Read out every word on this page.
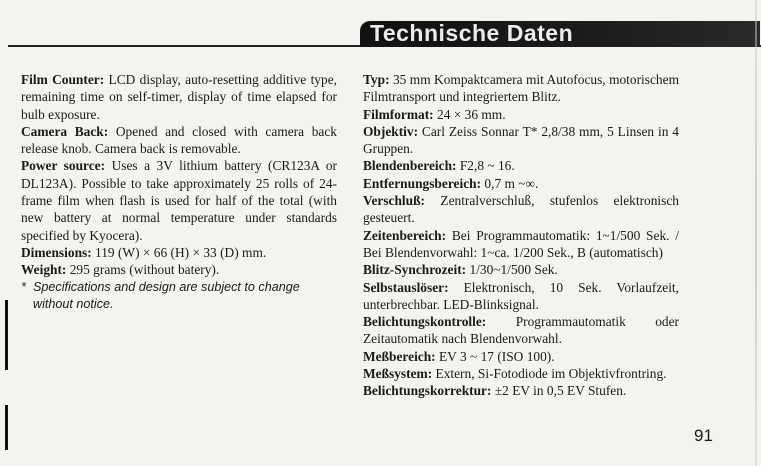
Technische Daten

Film Counter: LCD display, auto-resetting additive type, remaining time on self-timer, display of time elapsed for bulb exposure.

Camera Back: Opened and closed with camera back release knob. Camera back is removable.

Power source: Uses a 3V lithium battery (CR123A or DL123A). Possible to take approximately 25 rolls of 24-frame film when flash is used for half of the total (with new battery at normal temperature under standards specified by Kyocera).

Dimensions: 119 (W) × 66 (H) × 33 (D) mm.

Weight: 295 grams (without batery).

* Specifications and design are subject to change without notice.

Typ: 35 mm Kompaktcamera mit Autofocus, motorischem Filmtransport und integriertem Blitz.

Filmformat: 24 × 36 mm.

Objektiv: Carl Zeiss Sonnar T* 2,8/38 mm, 5 Linsen in 4 Gruppen.

Blendenbereich: F2,8 ~ 16.

Entfernungsbereich: 0,7 m ~∞.

Verschluß: Zentralverschluß, stufenlos elektronisch gesteuert.

Zeitenbereich: Bei Programmautomatik: 1~1/500 Sek. / Bei Blendenvorwahl: 1~ca. 1/200 Sek., B (automatisch)

Blitz-Synchrozeit: 1/30~1/500 Sek.

Selbstauslöser: Elektronisch, 10 Sek. Vorlaufzeit, unterbrechbar. LED-Blinksignal.

Belichtungskontrolle: Programmautomatik oder Zeitautomatik nach Blendenvorwahl.

Meßbereich: EV 3 ~ 17 (ISO 100).

Meßsystem: Extern, Si-Fotodiode im Objektivfrontring.

Belichtungskorrektur: ±2 EV in 0,5 EV Stufen.

91
